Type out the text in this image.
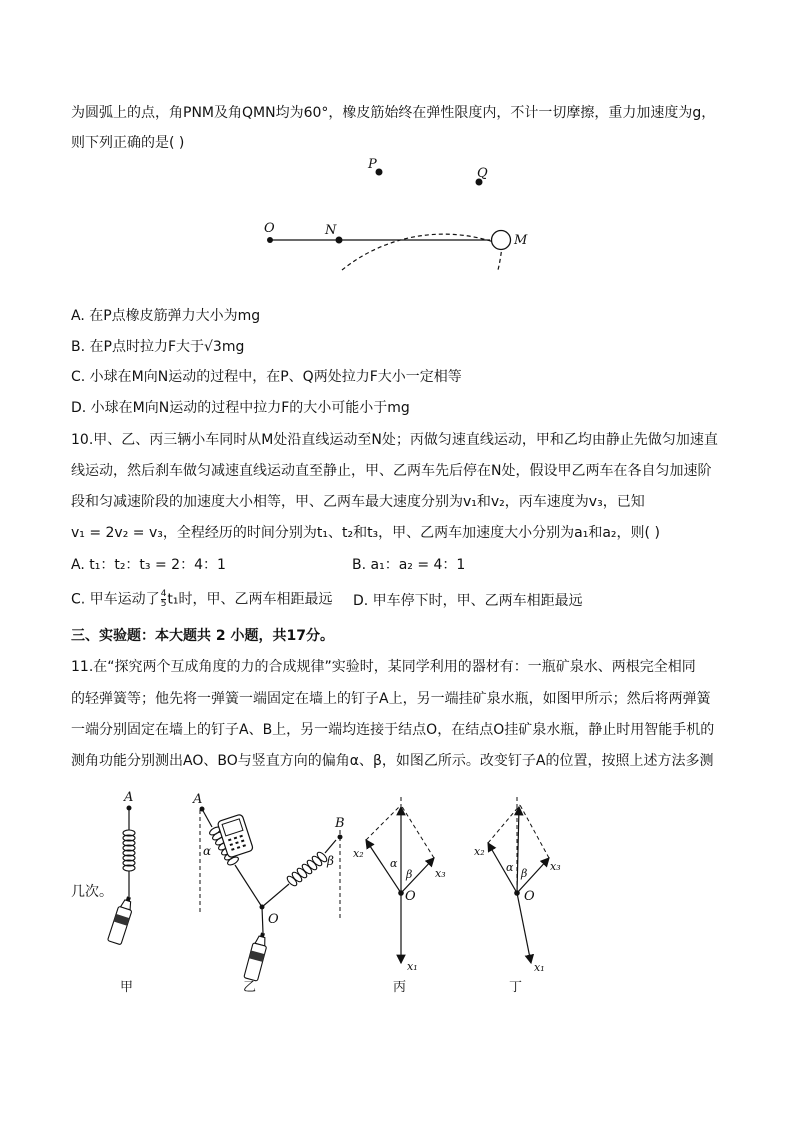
为圆弧上的点，角PNM及角QMN均为60°，橡皮筋始终在弹性限度内，不计一切摩擦，重力加速度为g，
则下列正确的是( )
P
Q
O	N
M
A. 在P点橡皮筋弹力大小为mg
B. 在P点时拉力F大于√3mg
C. 小球在M向N运动的过程中，在P、Q两处拉力F大小一定相等
D. 小球在M向N运动的过程中拉力F的大小可能小于mg
10.甲、乙、丙三辆小车同时从M处沿直线运动至N处；丙做匀速直线运动，甲和乙均由静止先做匀加速直
线运动，然后刹车做匀减速直线运动直至静止，甲、乙两车先后停在N处，假设甲乙两车在各自匀加速阶
段和匀减速阶段的加速度大小相等，甲、乙两车最大速度分别为v₁和v₂，丙车速度为v₃，已知
v₁ = 2v₂ = v₃，全程经历的时间分别为t₁、t₂和t₃，甲、乙两车加速度大小分别为a₁和a₂，则( )
A. t₁：t₂：t₃ = 2：4：1	B. a₁：a₂ = 4：1
C. 甲车运动了 $\frac{4}{5} t_1$时，甲、乙两车相距最远 D. 甲车停下时，甲、乙两车相距最远
三、实验题：本大题共 2 小题，共17分。
11.在“探究两个互成角度的力的合成规律”实验时，某同学利用的器材有：一瓶矿泉水、两根完全相同
的轻弹簧等；他先将一弹簧一端固定在墙上的钉子A上，另一端挂矿泉水瓶，如图甲所示；然后将两弹簧
一端分别固定在墙上的钉子A、B上，另一端均连接于结点O，在结点O挂矿泉水瓶，静止时用智能手机的
测角功能分别测出AO、BO与竖直方向的偏角α、β，如图乙所示。改变钉子A的位置，按照上述方法多测
几次。
A
甲
A
B
α
β
O
乙
O
x₂
x₃
x₁
α
β
丙
O
x₂
x₃
x₁
α β
丁
